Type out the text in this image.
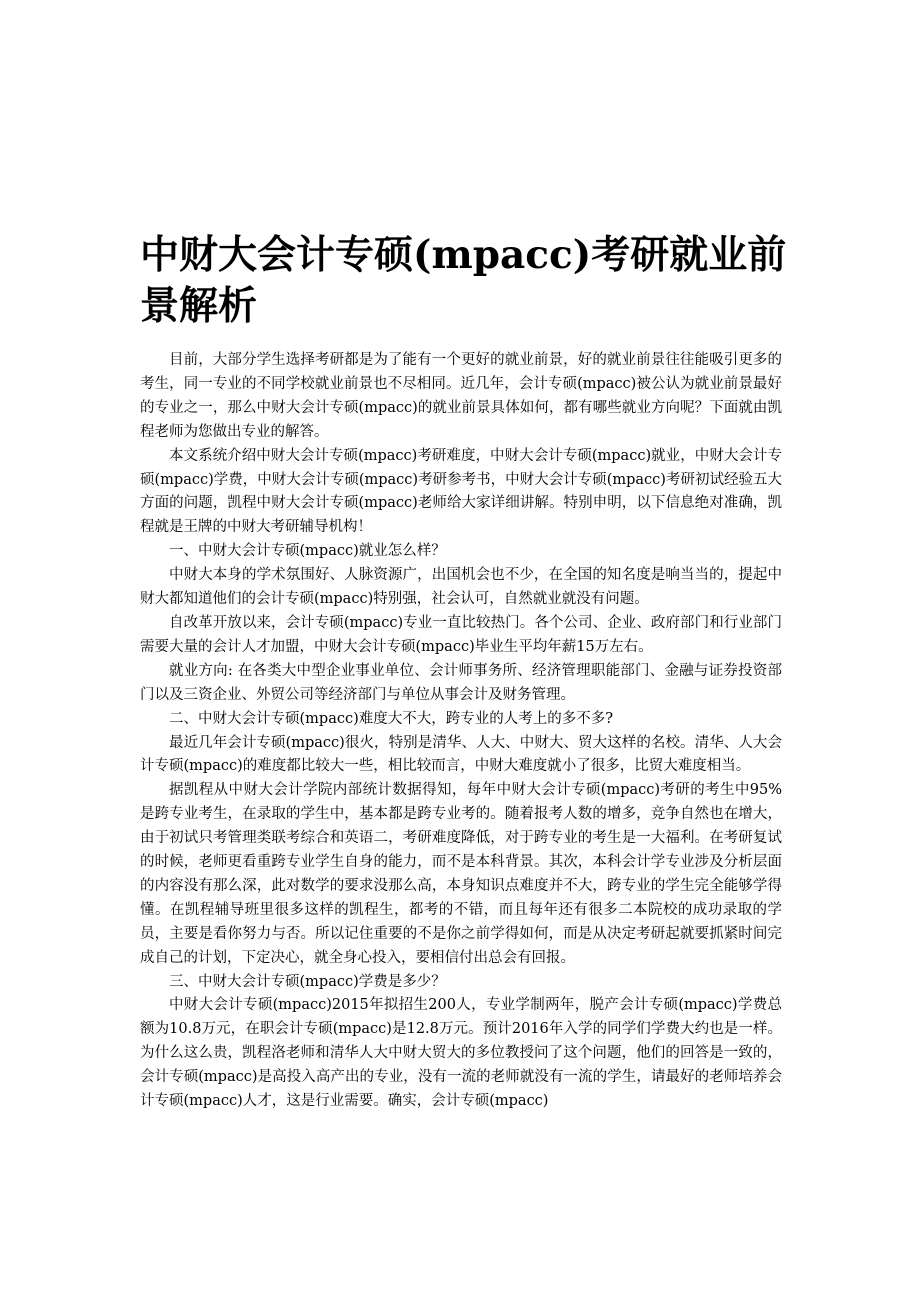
中财大会计专硕(mpacc)考研就业前景解析

目前，大部分学生选择考研都是为了能有一个更好的就业前景，好的就业前景往往能吸引更多的考生，同一专业的不同学校就业前景也不尽相同。近几年，会计专硕(mpacc)被公认为就业前景最好的专业之一，那么中财大会计专硕(mpacc)的就业前景具体如何，都有哪些就业方向呢？下面就由凯程老师为您做出专业的解答。

本文系统介绍中财大会计专硕(mpacc)考研难度，中财大会计专硕(mpacc)就业，中财大会计专硕(mpacc)学费，中财大会计专硕(mpacc)考研参考书，中财大会计专硕(mpacc)考研初试经验五大方面的问题，凯程中财大会计专硕(mpacc)老师给大家详细讲解。特别申明，以下信息绝对准确，凯程就是王牌的中财大考研辅导机构！

一、中财大会计专硕(mpacc)就业怎么样？

中财大本身的学术氛围好、人脉资源广，出国机会也不少，在全国的知名度是响当当的，提起中财大都知道他们的会计专硕(mpacc)特别强，社会认可，自然就业就没有问题。

自改革开放以来，会计专硕(mpacc)专业一直比较热门。各个公司、企业、政府部门和行业部门需要大量的会计人才加盟，中财大会计专硕(mpacc)毕业生平均年薪15万左右。

就业方向: 在各类大中型企业事业单位、会计师事务所、经济管理职能部门、金融与证券投资部门以及三资企业、外贸公司等经济部门与单位从事会计及财务管理。

二、中财大会计专硕(mpacc)难度大不大，跨专业的人考上的多不多?

最近几年会计专硕(mpacc)很火，特别是清华、人大、中财大、贸大这样的名校。清华、人大会计专硕(mpacc)的难度都比较大一些，相比较而言，中财大难度就小了很多，比贸大难度相当。

据凯程从中财大会计学院内部统计数据得知，每年中财大会计专硕(mpacc)考研的考生中95%是跨专业考生，在录取的学生中，基本都是跨专业考的。随着报考人数的增多，竞争自然也在增大，由于初试只考管理类联考综合和英语二，考研难度降低，对于跨专业的考生是一大福利。在考研复试的时候，老师更看重跨专业学生自身的能力，而不是本科背景。其次，本科会计学专业涉及分析层面的内容没有那么深，此对数学的要求没那么高，本身知识点难度并不大，跨专业的学生完全能够学得懂。在凯程辅导班里很多这样的凯程生，都考的不错，而且每年还有很多二本院校的成功录取的学员，主要是看你努力与否。所以记住重要的不是你之前学得如何，而是从决定考研起就要抓紧时间完成自己的计划，下定决心，就全身心投入，要相信付出总会有回报。

三、中财大会计专硕(mpacc)学费是多少？

中财大会计专硕(mpacc)2015年拟招生200人，专业学制两年，脱产会计专硕(mpacc)学费总额为10.8万元，在职会计专硕(mpacc)是12.8万元。预计2016年入学的同学们学费大约也是一样。为什么这么贵，凯程洛老师和清华人大中财大贸大的多位教授问了这个问题，他们的回答是一致的，会计专硕(mpacc)是高投入高产出的专业，没有一流的老师就没有一流的学生，请最好的老师培养会计专硕(mpacc)人才，这是行业需要。确实，会计专硕(mpacc)
